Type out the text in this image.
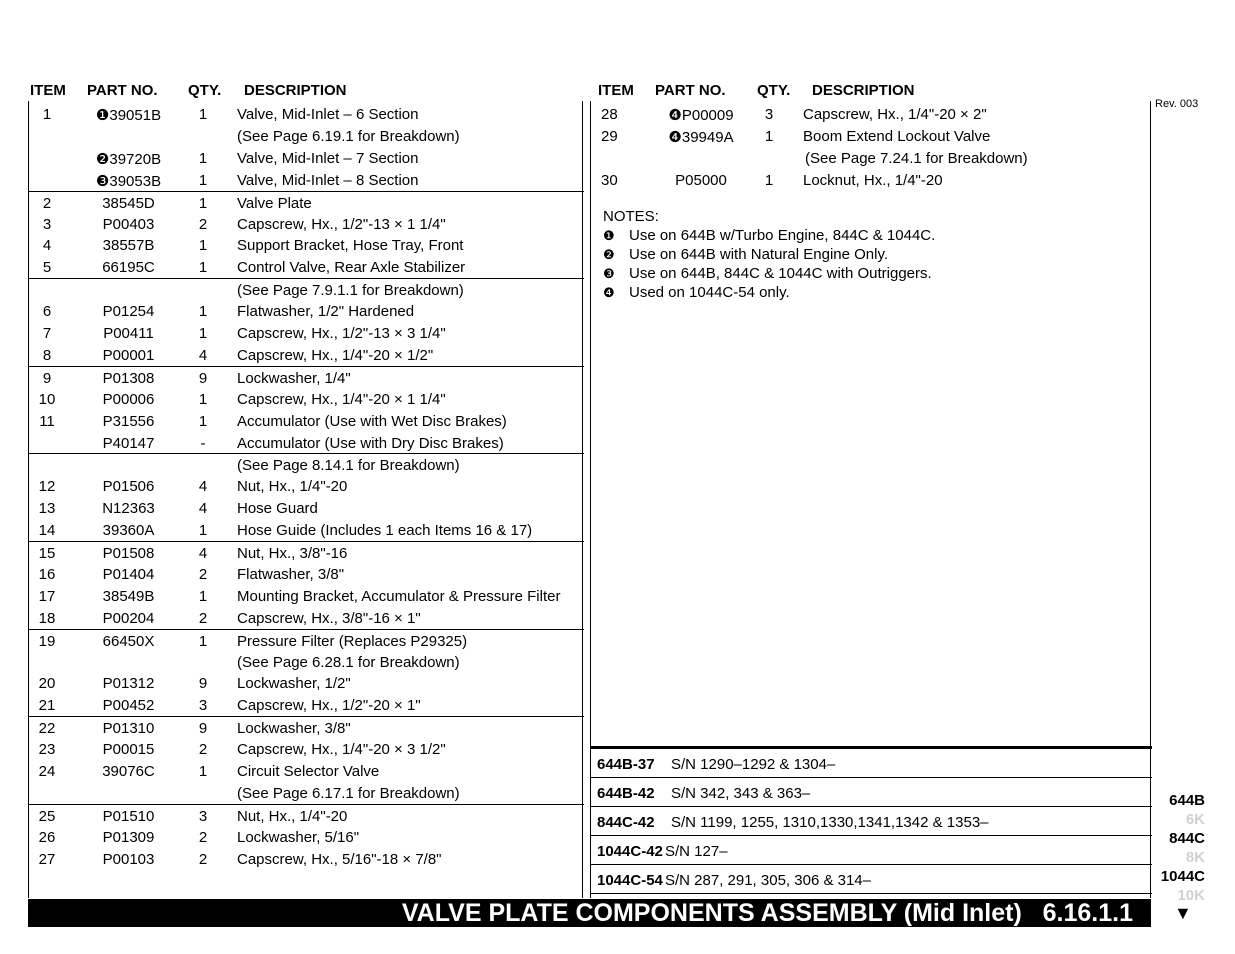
ITEM PART NO. QTY. DESCRIPTION	ITEM PART NO. QTY. DESCRIPTION
Rev. 003
1	❶39051B	1	Valve, Mid-Inlet – 6 Section
(See Page 6.19.1 for Breakdown)
❷39720B	1	Valve, Mid-Inlet – 7 Section
❸39053B	1	Valve, Mid-Inlet – 8 Section
2	38545D	1	Valve Plate
3	P00403	2	Capscrew, Hx., 1/2"-13 × 1 1/4"
4	38557B	1	Support Bracket, Hose Tray, Front
5	66195C	1	Control Valve, Rear Axle Stabilizer
(See Page 7.9.1.1 for Breakdown)
6	P01254	1	Flatwasher, 1/2" Hardened
7	P00411	1	Capscrew, Hx., 1/2"-13 × 3 1/4"
8	P00001	4	Capscrew, Hx., 1/4"-20 × 1/2"
9	P01308	9	Lockwasher, 1/4"
10	P00006	1	Capscrew, Hx., 1/4"-20 × 1 1/4"
11	P31556	1	Accumulator (Use with Wet Disc Brakes)
P40147	-	Accumulator (Use with Dry Disc Brakes)
(See Page 8.14.1 for Breakdown)
12	P01506	4	Nut, Hx., 1/4"-20
13	N12363	4	Hose Guard
14	39360A	1	Hose Guide (Includes 1 each Items 16 & 17)
15	P01508	4	Nut, Hx., 3/8"-16
16	P01404	2	Flatwasher, 3/8"
17	38549B	1	Mounting Bracket, Accumulator & Pressure Filter
18	P00204	2	Capscrew, Hx., 3/8"-16 × 1"
19	66450X	1	Pressure Filter (Replaces P29325)
(See Page 6.28.1 for Breakdown)
20	P01312	9	Lockwasher, 1/2"
21	P00452	3	Capscrew, Hx., 1/2"-20 × 1"
22	P01310	9	Lockwasher, 3/8"
23	P00015	2	Capscrew, Hx., 1/4"-20 × 3 1/2"
24	39076C	1	Circuit Selector Valve
(See Page 6.17.1 for Breakdown)
25	P01510	3	Nut, Hx., 1/4"-20
26	P01309	2	Lockwasher, 5/16"
27	P00103	2	Capscrew, Hx., 5/16"-18 × 7/8"
NOTES:
❶ Use on 644B w/Turbo Engine, 844C & 1044C.
❷ Use on 644B with Natural Engine Only.
❸ Use on 644B, 844C & 1044C with Outriggers.
❹ Used on 1044C-54 only.
644B-37 S/N 1290–1292 & 1304–
644B-42 S/N 342, 343 & 363–
844C-42 S/N 1199, 1255, 1310,1330,1341,1342 & 1353–
1044C-42 S/N 127–
1044C-54 S/N 287, 291, 305, 306 & 314–
28	❹P00009	3	Capscrew, Hx., 1/4"-20 × 2"
29	❹39949A	1	Boom Extend Lockout Valve
(See Page 7.24.1 for Breakdown)
30	P05000	1	Locknut, Hx., 1/4"-20
VALVE PLATE COMPONENTS ASSEMBLY (Mid Inlet)   6.16.1.1
644B
6K
844C
8K
1044C
10K
▼
